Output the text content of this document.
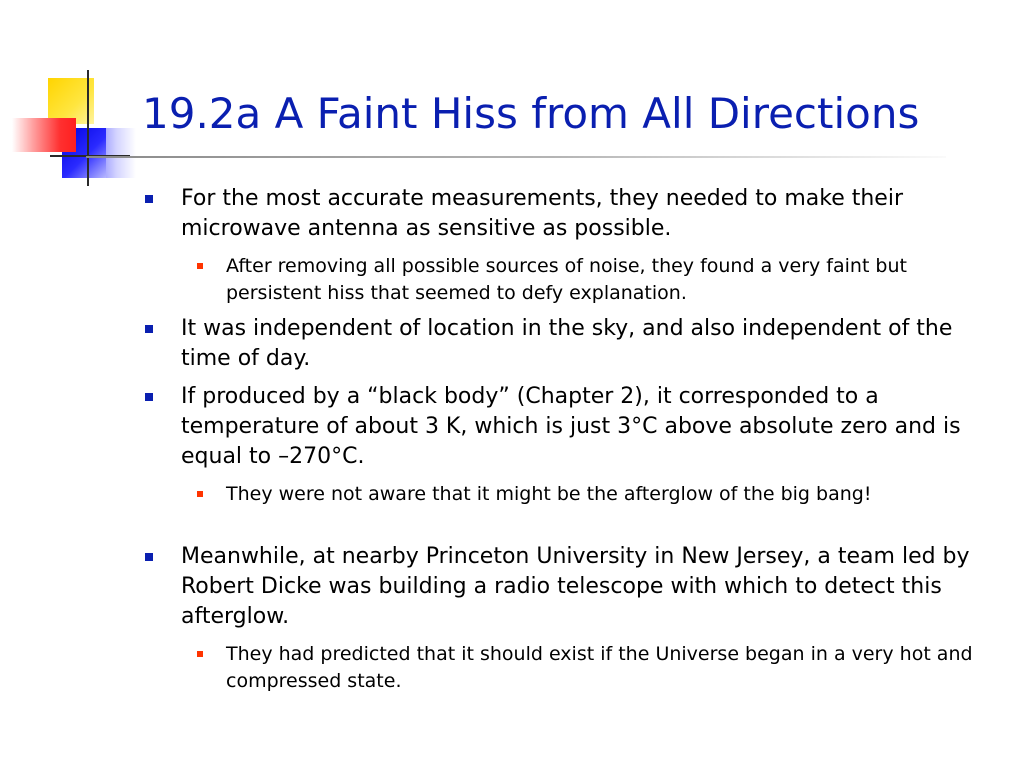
19.2a A Faint Hiss from All Directions
For the most accurate measurements, they needed to make their microwave antenna as sensitive as possible.
After removing all possible sources of noise, they found a very faint but persistent hiss that seemed to defy explanation.
It was independent of location in the sky, and also independent of the time of day.
If produced by a “black body” (Chapter 2), it corresponded to a temperature of about 3 K, which is just 3°C above absolute zero and is equal to –270°C.
They were not aware that it might be the afterglow of the big bang!
Meanwhile, at nearby Princeton University in New Jersey, a team led by Robert Dicke was building a radio telescope with which to detect this afterglow.
They had predicted that it should exist if the Universe began in a very hot and compressed state.
